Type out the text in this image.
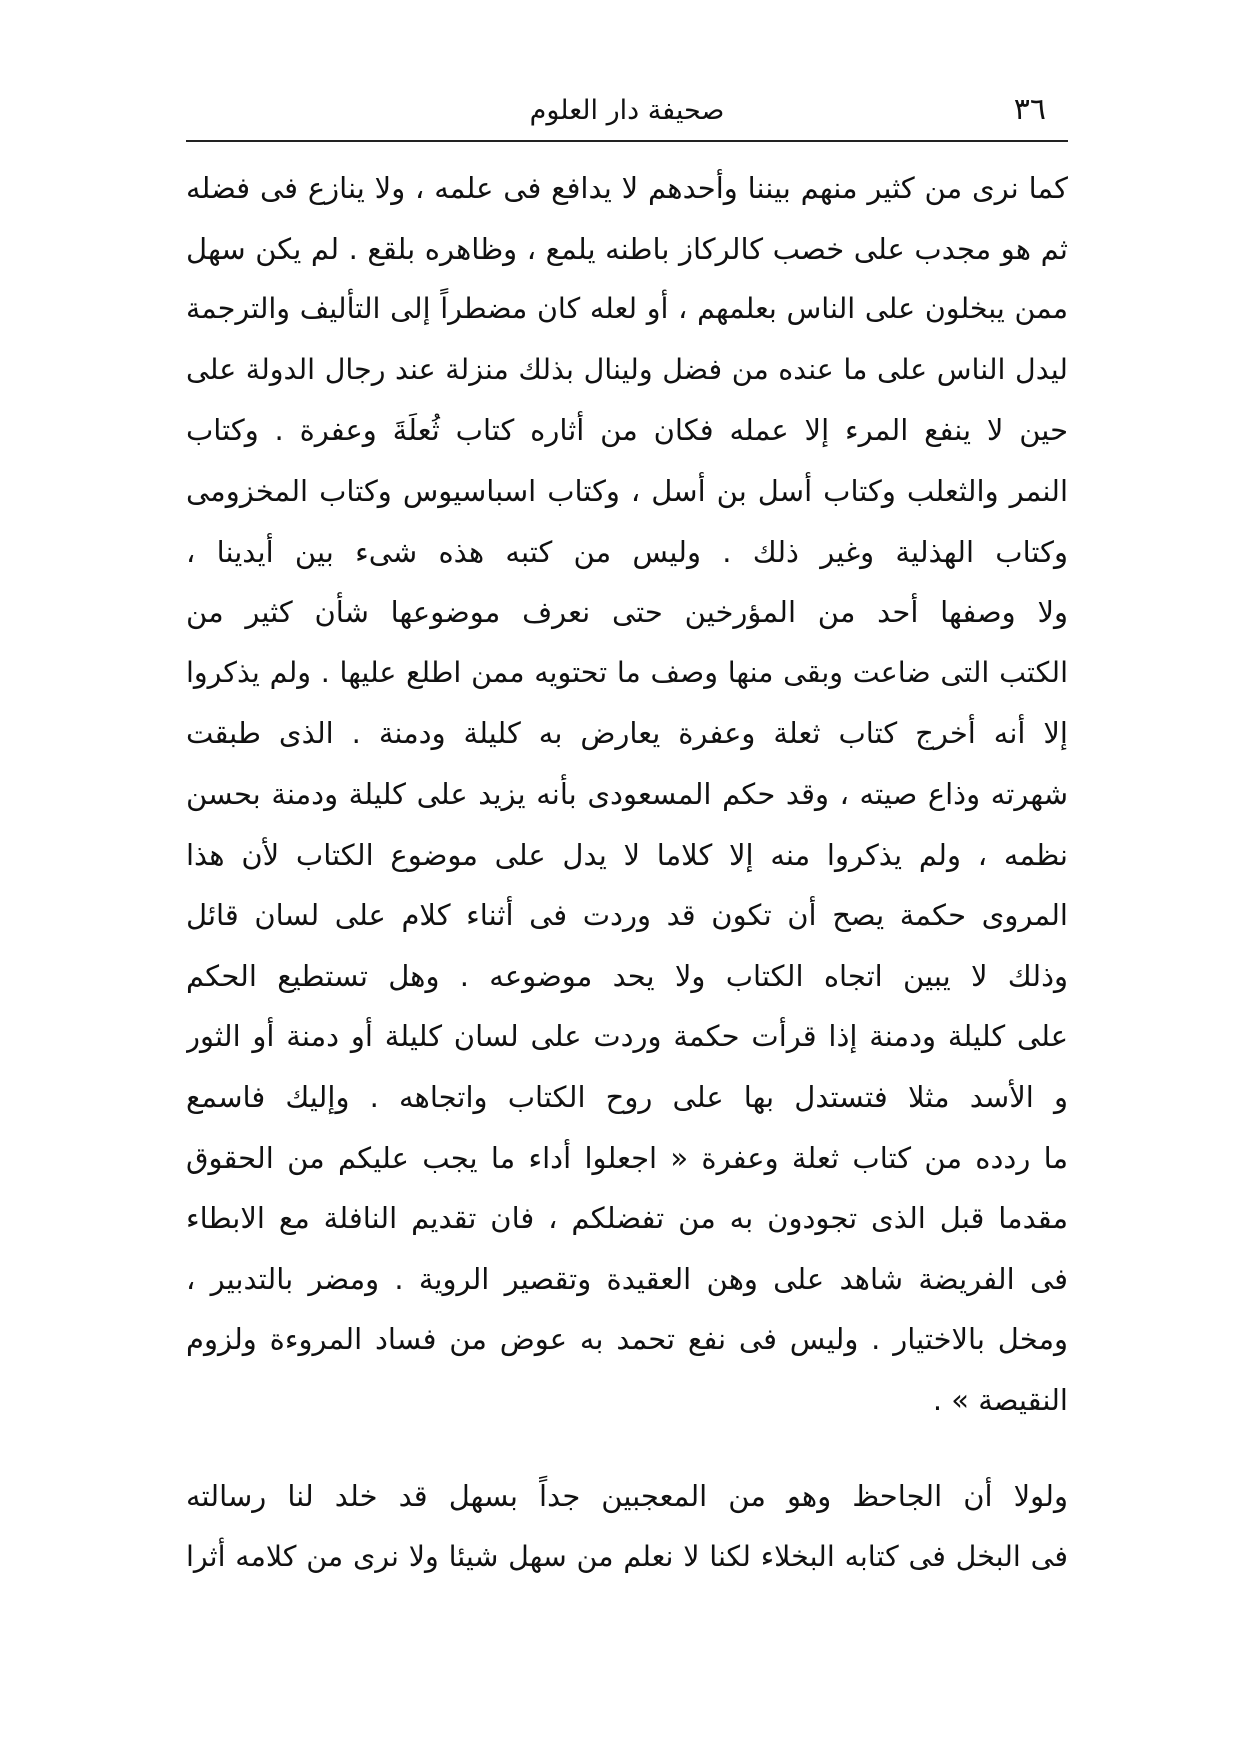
٣٦
صحيفة دار العلوم
كما نرى من كثير منهم بيننا وأحدهم لا يدافع فى علمه ، ولا ينازع فى فضله
ثم هو مجدب على خصب كالركاز باطنه يلمع ، وظاهره بلقع . لم يكن سهل
ممن يبخلون على الناس بعلمهم ، أو لعله كان مضطراً إلى التأليف والترجمة
ليدل الناس على ما عنده من فضل ولينال بذلك منزلة عند رجال الدولة على
حين لا ينفع المرء إلا عمله فكان من أثاره كتاب ثُعلَةَ وعفرة . وكتاب
النمر والثعلب وكتاب أسل بن أسل ، وكتاب اسباسيوس وكتاب المخزومى
وكتاب الهذلية وغير ذلك . وليس من كتبه هذه شىء بين أيدينا ،
ولا وصفها أحد من المؤرخين حتى نعرف موضوعها شأن كثير من
الكتب التى ضاعت وبقى منها وصف ما تحتويه ممن اطلع عليها . ولم يذكروا
إلا أنه أخرج كتاب ثعلة وعفرة يعارض به كليلة ودمنة . الذى طبقت
شهرته وذاع صيته ، وقد حكم المسعودى بأنه يزيد على كليلة ودمنة بحسن
نظمه ، ولم يذكروا منه إلا كلاما لا يدل على موضوع الكتاب لأن هذا
المروى حكمة يصح أن تكون قد وردت فى أثناء كلام على لسان قائل
وذلك لا يبين اتجاه الكتاب ولا يحد موضوعه . وهل تستطيع الحكم
على كليلة ودمنة إذا قرأت حكمة وردت على لسان كليلة أو دمنة أو الثور
و الأسد مثلا فتستدل بها على روح الكتاب واتجاهه . وإليك فاسمع
ما ردده من كتاب ثعلة وعفرة « اجعلوا أداء ما يجب عليكم من الحقوق
مقدما قبل الذى تجودون به من تفضلكم ، فان تقديم النافلة مع الابطاء
فى الفريضة شاهد على وهن العقيدة وتقصير الروية . ومضر بالتدبير ،
ومخل بالاختيار . وليس فى نفع تحمد به عوض من فساد المروءة ولزوم
النقيصة » .
ولولا أن الجاحظ وهو من المعجبين جداً بسهل قد خلد لنا رسالته
فى البخل فى كتابه البخلاء لكنا لا نعلم من سهل شيئا ولا نرى من كلامه أثرا
